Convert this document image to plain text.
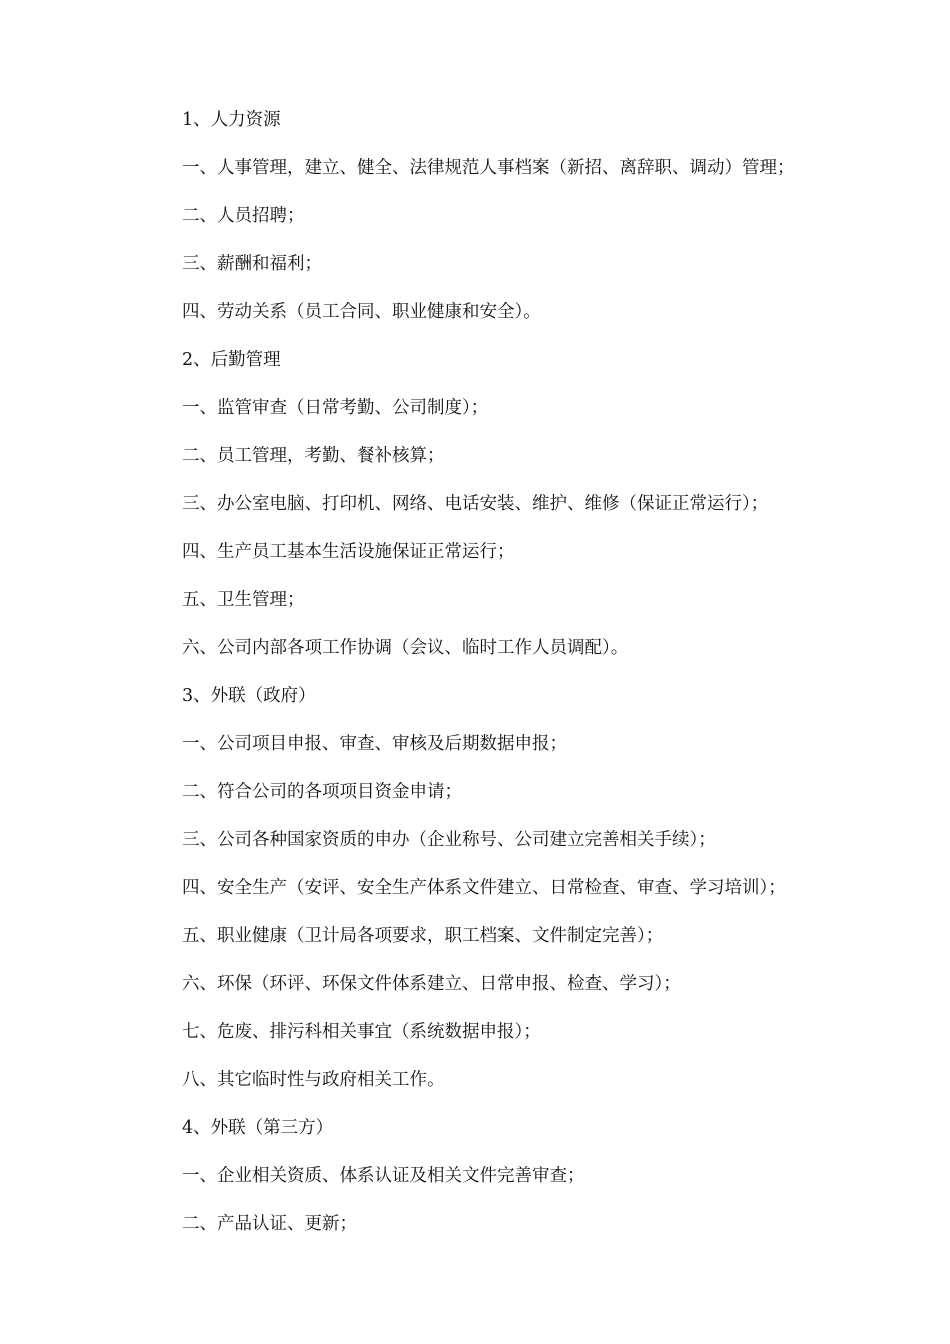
1、人力资源

一、人事管理，建立、健全、法律规范人事档案（新招、离辞职、调动）管理；

二、人员招聘；

三、薪酬和福利；

四、劳动关系（员工合同、职业健康和安全）。

2、后勤管理

一、监管审查（日常考勤、公司制度）；

二、员工管理，考勤、餐补核算；

三、办公室电脑、打印机、网络、电话安装、维护、维修（保证正常运行）；

四、生产员工基本生活设施保证正常运行；

五、卫生管理；

六、公司内部各项工作协调（会议、临时工作人员调配）。

3、外联（政府）

一、公司项目申报、审查、审核及后期数据申报；

二、符合公司的各项项目资金申请；

三、公司各种国家资质的申办（企业称号、公司建立完善相关手续）；

四、安全生产（安评、安全生产体系文件建立、日常检查、审查、学习培训）；

五、职业健康（卫计局各项要求，职工档案、文件制定完善）；

六、环保（环评、环保文件体系建立、日常申报、检查、学习）；

七、危废、排污科相关事宜（系统数据申报）；

八、其它临时性与政府相关工作。

4、外联（第三方）

一、企业相关资质、体系认证及相关文件完善审查；

二、产品认证、更新；
